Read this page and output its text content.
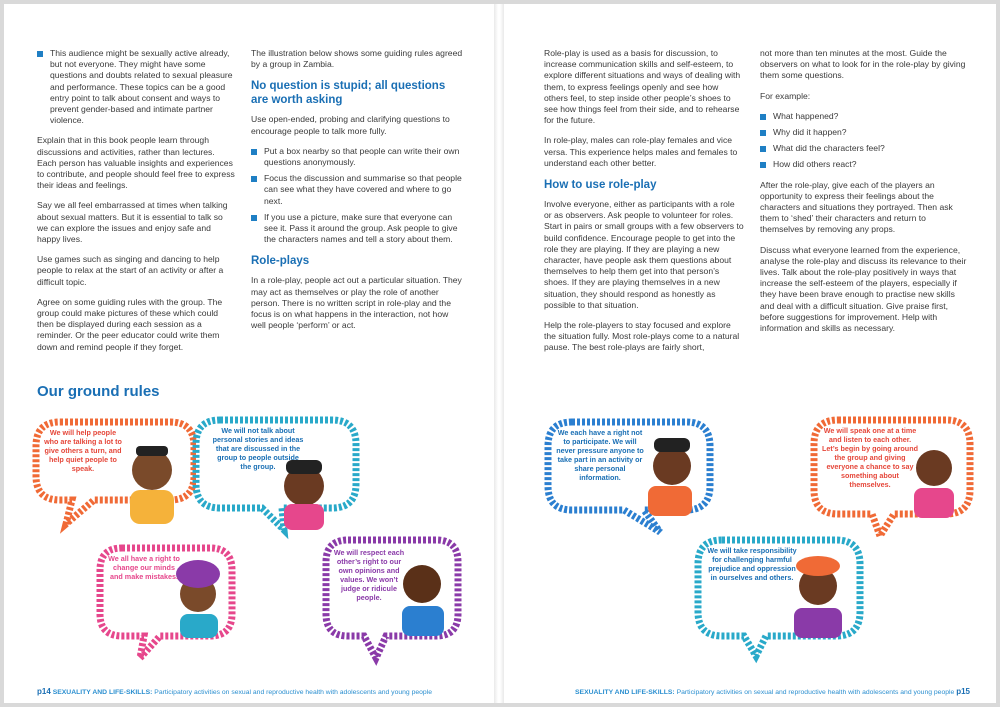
This audience might be sexually active already, but not everyone. They might have some questions and doubts related to sexual pleasure and performance. These topics can be a good entry point to talk about consent and ways to prevent gender-based and intimate partner violence.

Explain that in this book people learn through discussions and activities, rather than lectures. Each person has valuable insights and experiences to contribute, and people should feel free to express their ideas and feelings.

Say we all feel embarrassed at times when talking about sexual matters. But it is essential to talk so we can explore the issues and enjoy safe and happy lives.

Use games such as singing and dancing to help people to relax at the start of an activity or after a difficult topic.

Agree on some guiding rules with the group. The group could make pictures of these which could then be displayed during each session as a reminder. Or the peer educator could write them down and remind people if they forget.

The illustration below shows some guiding rules agreed by a group in Zambia.

No question is stupid; all questions are worth asking

Use open-ended, probing and clarifying questions to encourage people to talk more fully.

Put a box nearby so that people can write their own questions anonymously.
Focus the discussion and summarise so that people can see what they have covered and where to go next.
If you use a picture, make sure that everyone can see it. Pass it around the group. Ask people to give the characters names and tell a story about them.
Role-plays

In a role-play, people act out a particular situation. They may act as themselves or play the role of another person. There is no written script in role-play and the focus is on what happens in the interaction, not how well people ‘perform’ or act.

Our ground rules
We will help people who are talking a lot to give others a turn, and help quiet people to speak.
We will not talk about personal stories and ideas that are discussed in the group to people outside the group.
We all have a right to change our minds and make mistakes.
We will respect each other’s right to our own opinions and values. We won’t judge or ridicule people.
p14 SEXUALITY AND LIFE-SKILLS: Participatory activities on sexual and reproductive health with adolescents and young people

Role-play is used as a basis for discussion, to increase communication skills and self-esteem, to explore different situations and ways of dealing with them, to express feelings openly and see how others feel, to step inside other people’s shoes to see how things feel from their side, and to rehearse for the future.

In role-play, males can role-play females and vice versa. This experience helps males and females to understand each other better.

How to use role-play

Involve everyone, either as participants with a role or as observers. Ask people to volunteer for roles. Start in pairs or small groups with a few observers to build confidence. Encourage people to get into the role they are playing. If they are playing a new character, have people ask them questions about themselves to help them get into that person’s shoes. If they are playing themselves in a new situation, they should respond as honestly as possible to that situation.

Help the role-players to stay focused and explore the situation fully. Most role-plays come to a natural pause. The best role-plays are fairly short,

not more than ten minutes at the most. Guide the observers on what to look for in the role-play by giving them some questions.

For example:

What happened?
Why did it happen?
What did the characters feel?
How did others react?

After the role-play, give each of the players an opportunity to express their feelings about the characters and situations they portrayed. Then ask them to ‘shed’ their characters and return to themselves by removing any props.

Discuss what everyone learned from the experience, analyse the role-play and discuss its relevance to their lives. Talk about the role-play positively in ways that increase the self-esteem of the players, especially if they have been brave enough to practise new skills and deal with a difficult situation. Give praise first, before suggestions for improvement. Help with information and skills as necessary.

We each have a right not to participate. We will never pressure anyone to take part in an activity or share personal information.
We will speak one at a time and listen to each other. Let’s begin by going around the group and giving everyone a chance to say something about themselves.
We will take responsibility for challenging harmful prejudice and oppression in ourselves and others.
SEXUALITY AND LIFE-SKILLS: Participatory activities on sexual and reproductive health with adolescents and young people p15
